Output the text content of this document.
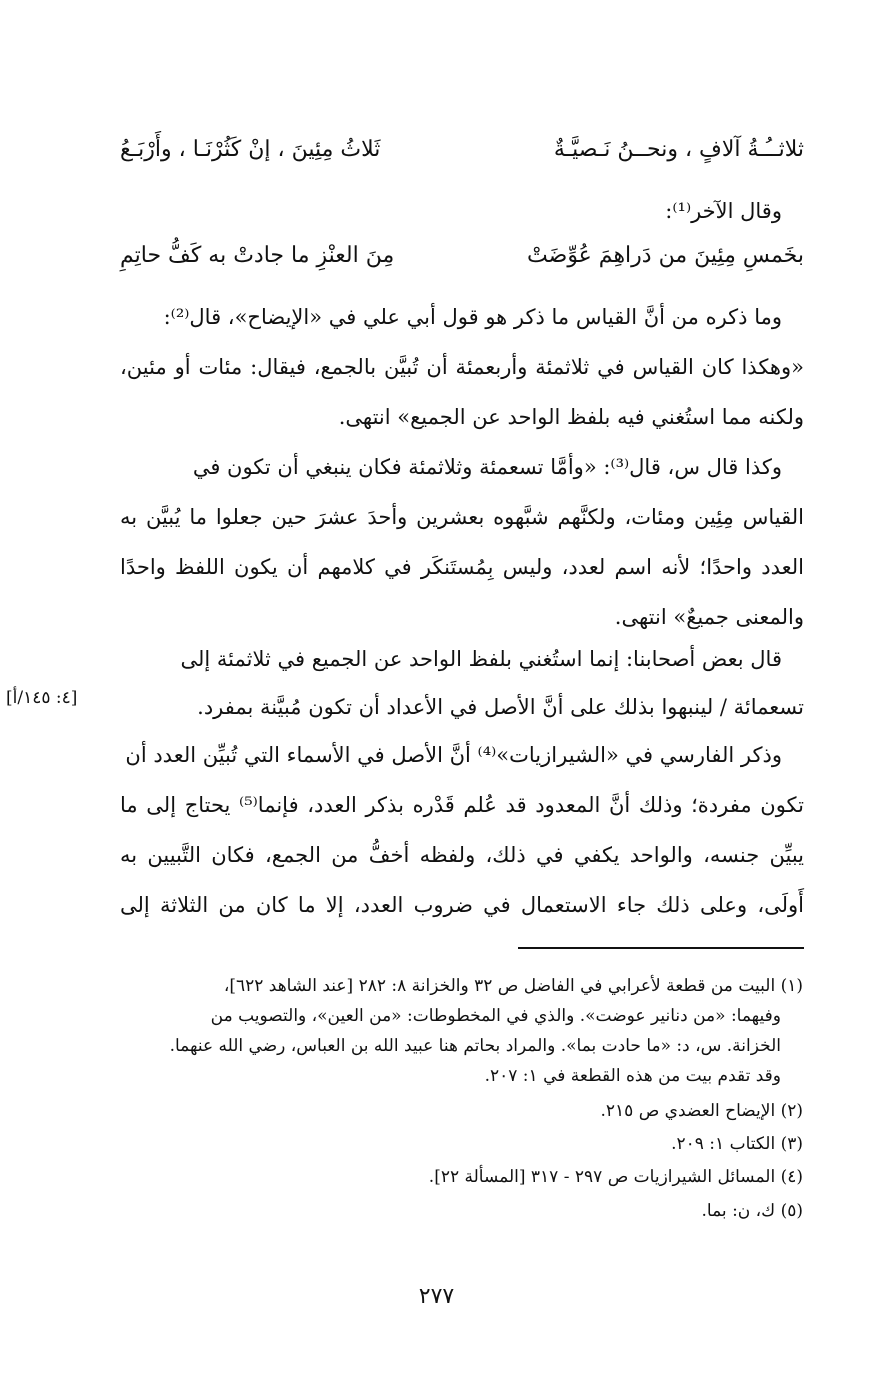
ثلاثــُـةُ آلافٍ ، ونحــنُ نَـصيَّـةٌ
ثَلاثُ مِئِينَ ، إنْ كَثُرْنَـا ، وأَرْبَـعُ
وقال الآخر⁽¹⁾:
بخَمسِ مِئِينَ من دَراهِمَ عُوِّضَتْ
مِنَ العنْزِ ما جادتْ به كَفُّ حاتِمِ
وما ذكره من أنَّ القياس ما ذكر هو قول أبي علي في «الإيضاح»، قال⁽²⁾:
«وهكذا كان القياس في ثلاثمئة وأربعمئة أن تُبيَّن بالجمع، فيقال: مئات أو مئين،
ولكنه مما استُغني فيه بلفظ الواحد عن الجميع» انتهى.
وكذا قال س، قال⁽³⁾: «وأمَّا تسعمئة وثلاثمئة فكان ينبغي أن تكون في
القياس مِئِين ومئات، ولكنَّهم شبَّهوه بعشرين وأحدَ عشرَ حين جعلوا ما يُبيَّن به
العدد واحدًا؛ لأنه اسم لعدد، وليس بِمُستَنكَر في كلامهم أن يكون اللفظ واحدًا
والمعنى جميعٌ» انتهى.
قال بعض أصحابنا: إنما استُغني بلفظ الواحد عن الجميع في ثلاثمئة إلى
تسعمائة / لينبهوا بذلك على أنَّ الأصل في الأعداد أن تكون مُبيَّنة بمفرد.
وذكر الفارسي في «الشيرازيات»⁽⁴⁾ أنَّ الأصل في الأسماء التي تُبيِّن العدد أن
تكون مفردة؛ وذلك أنَّ المعدود قد عُلم قَدْره بذكر العدد، فإنما⁽⁵⁾ يحتاج إلى ما
يبيِّن جنسه، والواحد يكفي في ذلك، ولفظه أخفُّ من الجمع، فكان التَّبيين به
أَولَى، وعلى ذلك جاء الاستعمال في ضروب العدد، إلا ما كان من الثلاثة إلى
[٤: ١٤٥/أ]
(١) البيت من قطعة لأعرابي في الفاضل ص ٣٢ والخزانة ٨: ٢٨٢ [عند الشاهد ٦٢٢]،
وفيهما: «من دنانير عوضت». والذي في المخطوطات: «من العين»، والتصويب من
الخزانة. س، د: «ما حادت بما». والمراد بحاتم هنا عبيد الله بن العباس، رضي الله عنهما.
وقد تقدم بيت من هذه القطعة في ١: ٢٠٧.
(٢) الإيضاح العضدي ص ٢١٥.
(٣) الكتاب ١: ٢٠٩.
(٤) المسائل الشيرازيات ص ٢٩٧ - ٣١٧ [المسألة ٢٢].
(٥) ك، ن: بما.
٢٧٧
